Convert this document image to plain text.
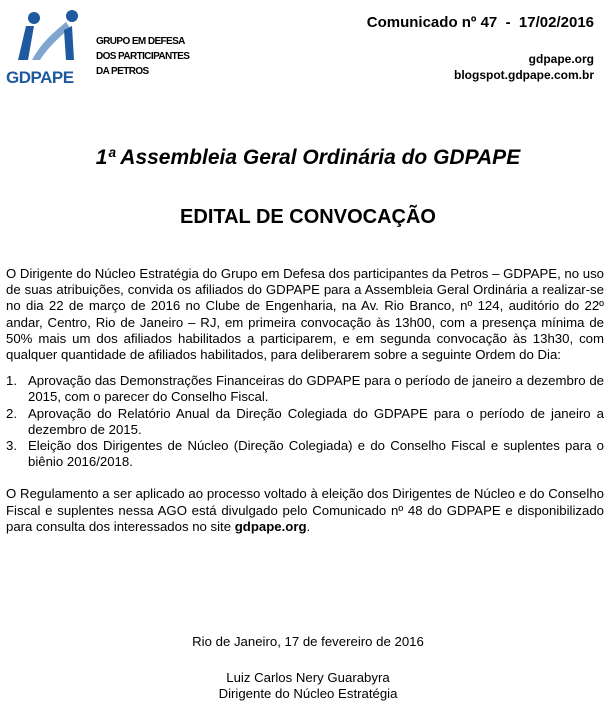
GDPAPE
GRUPO EM DEFESA
DOS PARTICIPANTES
DA PETROS
Comunicado nº 47  -  17/02/2016
gdpape.org
blogspot.gdpape.com.br
1ª Assembleia Geral Ordinária do GDPAPE
EDITAL DE CONVOCAÇÃO

O Dirigente do Núcleo Estratégia do Grupo em Defesa dos participantes da Petros – GDPAPE, no uso de suas atribuições, convida os afiliados do GDPAPE para a Assembleia Geral Ordinária a realizar-se no dia 22 de março de 2016 no Clube de Engenharia, na Av. Rio Branco, nº 124, auditório do 22º andar, Centro, Rio de Janeiro – RJ, em primeira convocação às 13h00, com a presença mínima de 50% mais um dos afiliados habilitados a participarem, e em segunda convocação às 13h30, com qualquer quantidade de afiliados habilitados, para deliberarem sobre a seguinte Ordem do Dia:

1. Aprovação das Demonstrações Financeiras do GDPAPE para o período de janeiro a dezembro de 2015, com o parecer do Conselho Fiscal.
2. Aprovação do Relatório Anual da Direção Colegiada do GDPAPE para o período de janeiro a dezembro de 2015.
3. Eleição dos Dirigentes de Núcleo (Direção Colegiada) e do Conselho Fiscal e suplentes para o biênio 2016/2018.

O Regulamento a ser aplicado ao processo voltado à eleição dos Dirigentes de Núcleo e do Conselho Fiscal e suplentes nessa AGO está divulgado pelo Comunicado nº 48 do GDPAPE e disponibilizado para consulta dos interessados no site gdpape.org.

Rio de Janeiro, 17 de fevereiro de 2016
Luiz Carlos Nery Guarabyra
Dirigente do Núcleo Estratégia
